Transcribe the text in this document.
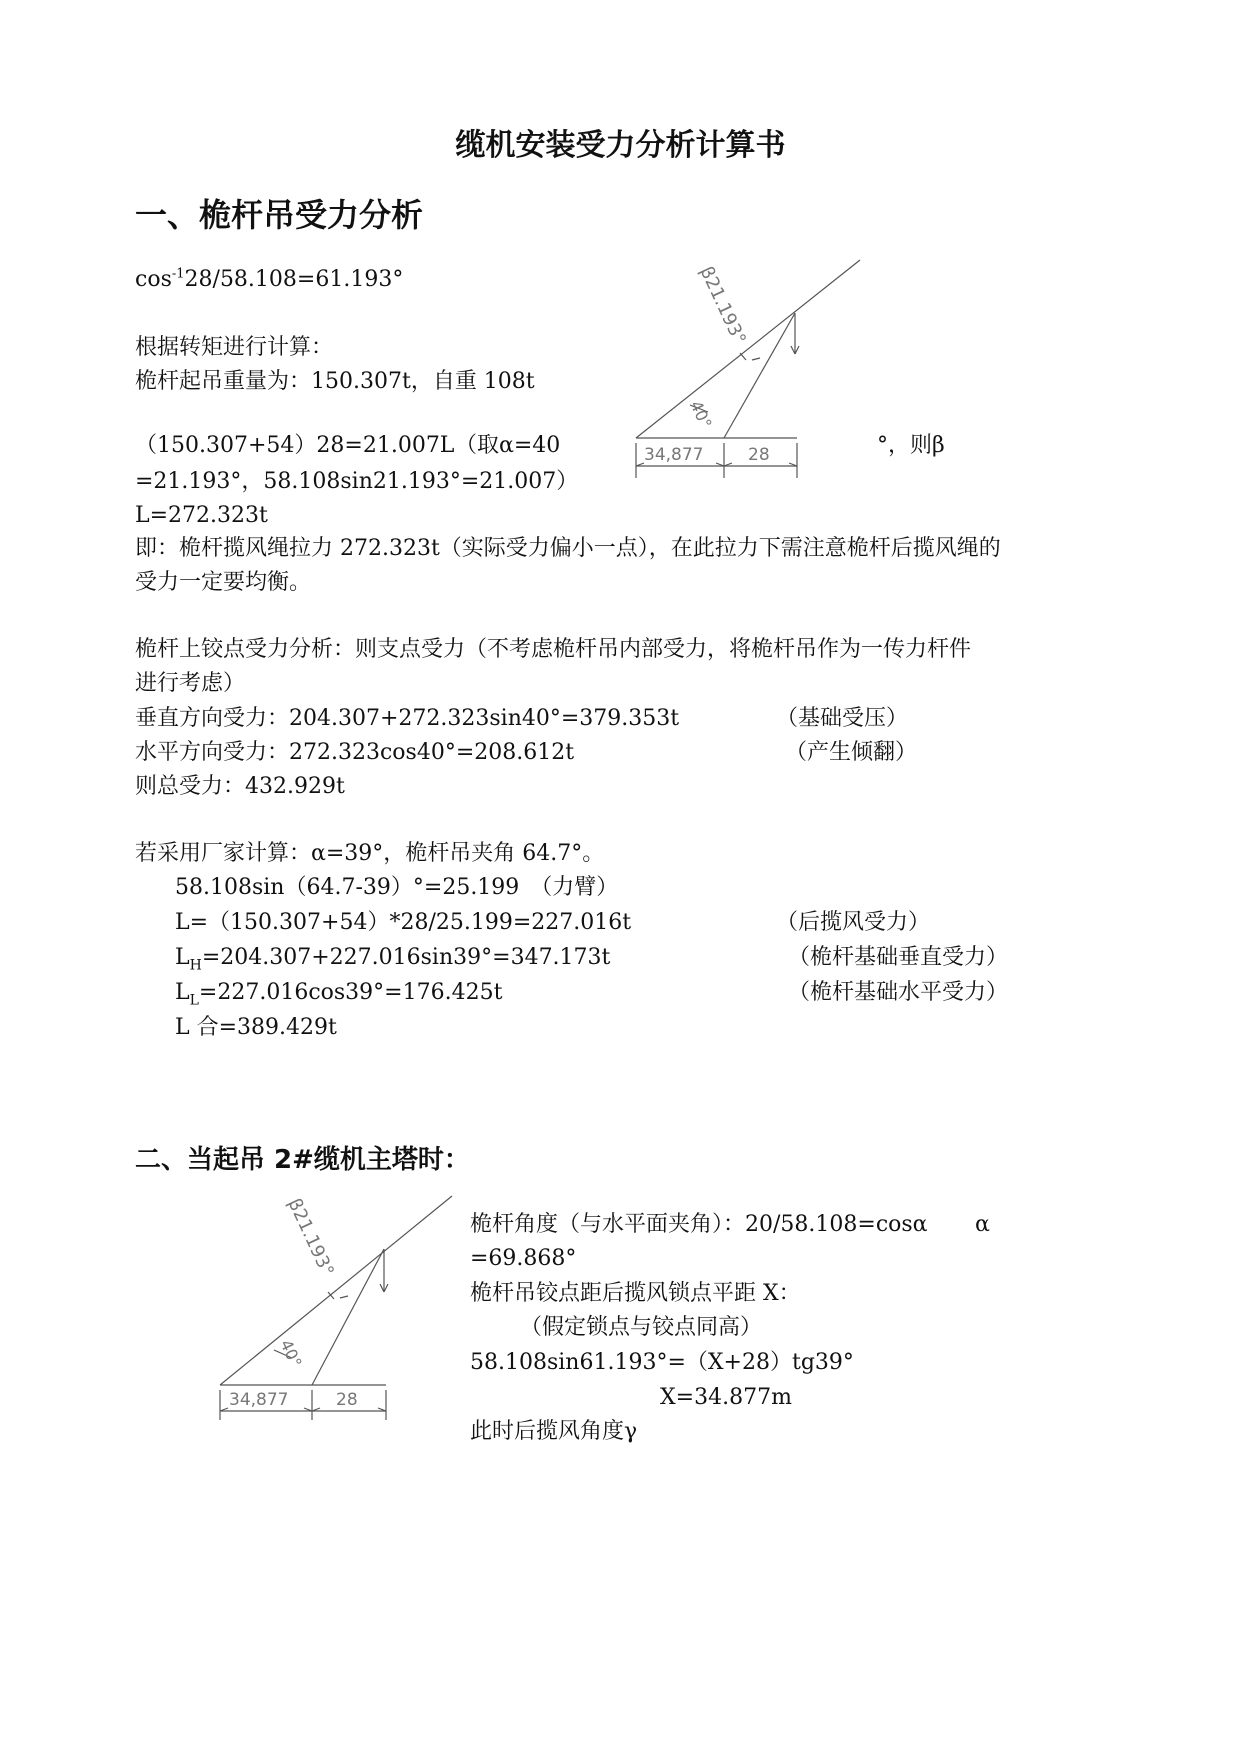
缆机安装受力分析计算书
一、桅杆吊受力分析
$\cos^{-1}28/58.108=61.193^\circ$
根据转矩进行计算：
桅杆起吊重量为：150.307t，自重 108t
（150.307+54）28=21.007L （取α=40	°，则β
=21.193°，58.108sin21.193°=21.007）
L=272.323t
即：桅杆揽风绳拉力 272.323t（实际受力偏小一点），在此拉力下需注意桅杆后揽风绳的
受力一定要均衡。
桅杆上铰点受力分析：则支点受力（不考虑桅杆吊内部受力，将桅杆吊作为一传力杆件
进行考虑）
垂直方向受力：204.307+272.323sin40°=379.353t	（基础受压）
水平方向受力：272.323cos40°=208.612t	（产生倾翻）
则总受力：432.929t
若采用厂家计算：α=39°，桅杆吊夹角 64.7°。
58.108sin（64.7-39）°=25.199　（力臂）
L=（150.307+54）*28/25.199=227.016t	（后揽风受力）
$L_H=204.307+227.016\sin 39^\circ=347.173t$	（桅杆基础垂直受力）
$L_L=227.016\cos 39^\circ=176.425t$	（桅杆基础水平受力）
L 合=389.429t
β21.193°
40°
34,877	28
二、当起吊 2#缆机主塔时：
β21.193°
40°
34,877	28
桅杆角度（与水平面夹角）：20/58.108=cosα α
=69.868°
桅杆吊铰点距后揽风锁点平距 X：
（假定锁点与铰点同高）
58.108sin61.193°=（X+28）tg39°
X=34.877m
此时后揽风角度γ
